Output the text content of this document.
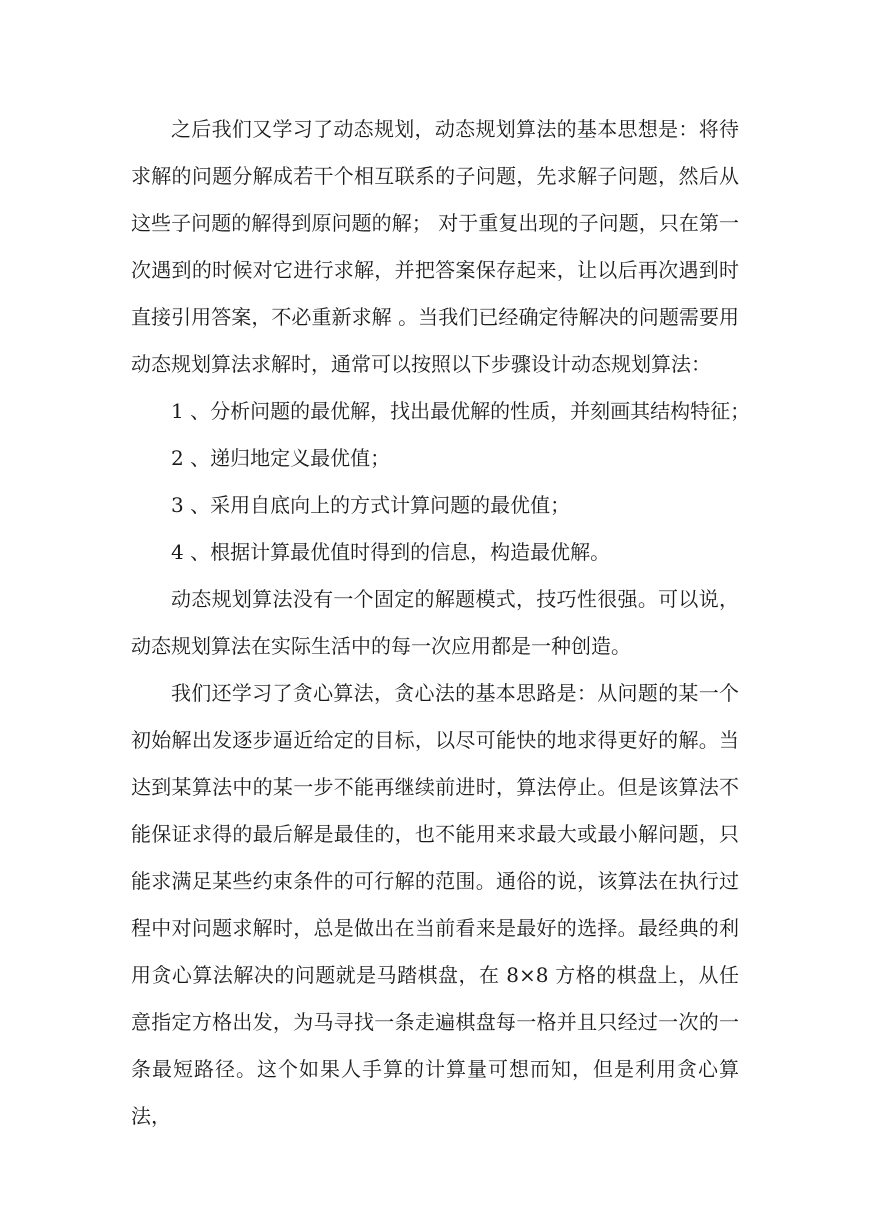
之后我们又学习了动态规划，动态规划算法的基本思想是：将待求解的问题分解成若干个相互联系的子问题，先求解子问题，然后从这些子问题的解得到原问题的解； 对于重复出现的子问题，只在第一次遇到的时候对它进行求解，并把答案保存起来，让以后再次遇到时直接引用答案，不必重新求解 。当我们已经确定待解决的问题需要用动态规划算法求解时，通常可以按照以下步骤设计动态规划算法：

1 、分析问题的最优解，找出最优解的性质，并刻画其结构特征；

2 、递归地定义最优值；

3 、采用自底向上的方式计算问题的最优值；

4 、根据计算最优值时得到的信息，构造最优解。

动态规划算法没有一个固定的解题模式，技巧性很强。可以说，动态规划算法在实际生活中的每一次应用都是一种创造。

我们还学习了贪心算法，贪心法的基本思路是：从问题的某一个初始解出发逐步逼近给定的目标，以尽可能快的地求得更好的解。当达到某算法中的某一步不能再继续前进时，算法停止。但是该算法不能保证求得的最后解是最佳的，也不能用来求最大或最小解问题，只能求满足某些约束条件的可行解的范围。通俗的说，该算法在执行过程中对问题求解时，总是做出在当前看来是最好的选择。最经典的利用贪心算法解决的问题就是马踏棋盘，在 8×8 方格的棋盘上，从任意指定方格出发，为马寻找一条走遍棋盘每一格并且只经过一次的一条最短路径。这个如果人手算的计算量可想而知，但是利用贪心算法，
